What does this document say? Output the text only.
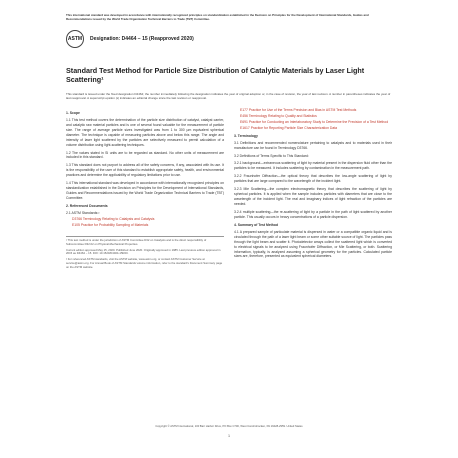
This international standard was developed in accordance with internationally recognized principles on standardization established in the Decision on Principles for the Development of International Standards, Guides and Recommendations issued by the World Trade Organization Technical Barriers to Trade (TBT) Committee.

ASTM Designation: D4464 − 15 (Reapproved 2020)
Standard Test Method for Particle Size Distribution of Catalytic Materials by Laser Light Scattering¹

This standard is issued under the fixed designation D4464; the number immediately following the designation indicates the year of original adoption or, in the case of revision, the year of last revision. A number in parentheses indicates the year of last reapproval. A superscript epsilon (ε) indicates an editorial change since the last revision or reapproval.

1. Scope

1.1 This test method covers the determination of the particle size distribution of catalyst, catalyst carrier, and catalytic raw material particles and is one of several found valuable for the measurement of particle size. The range of average particle sizes investigated was from 1 to 300 µm equivalent spherical diameter. The technique is capable of measuring particles above and below this range. The angle and intensity of laser light scattered by the particles are selectively measured to permit calculation of a volume distribution using light-scattering techniques.

1.2 The values stated in SI units are to be regarded as standard. No other units of measurement are included in this standard.

1.3 This standard does not purport to address all of the safety concerns, if any, associated with its use. It is the responsibility of the user of this standard to establish appropriate safety, health, and environmental practices and determine the applicability of regulatory limitations prior to use.

1.4 This international standard was developed in accordance with internationally recognized principles on standardization established in the Decision on Principles for the Development of International Standards, Guides and Recommendations issued by the World Trade Organization Technical Barriers to Trade (TBT) Committee.

2. Referenced Documents

2.1 ASTM Standards:²

D3766 Terminology Relating to Catalysts and Catalysis

E105 Practice for Probability Sampling of Materials

¹ This test method is under the jurisdiction of ASTM Committee D32 on Catalysts and is the direct responsibility of Subcommittee D32.02 on Physical-Mechanical Properties.

Current edition approved May 15, 2020. Published June 2020. Originally approved in 1985. Last previous edition approved in 2015 as D4464 − 15. DOI: 10.1520/D4464-15R20.

² For referenced ASTM standards, visit the ASTM website, www.astm.org, or contact ASTM Customer Service at service@astm.org. For Annual Book of ASTM Standards volume information, refer to the standard's Document Summary page on the ASTM website.

E177 Practice for Use of the Terms Precision and Bias in ASTM Test Methods

E456 Terminology Relating to Quality and Statistics

E691 Practice for Conducting an Interlaboratory Study to Determine the Precision of a Test Method

E1617 Practice for Reporting Particle Size Characterization Data

3. Terminology

3.1 Definitions and recommended nomenclature pertaining to catalysts and to materials used in their manufacture can be found in Terminology D3766.

3.2 Definitions of Terms Specific to This Standard:

3.2.1 background—extraneous scattering of light by material present in the dispersion fluid other than the particles to be measured. It includes scattering by contamination in the measurement path.

3.2.2 Fraunhofer Diffraction—the optical theory that describes the low-angle scattering of light by particles that are large compared to the wavelength of the incident light.

3.2.3 Mie Scattering—the complex electromagnetic theory that describes the scattering of light by spherical particles. It is applied when the sample includes particles with diameters that are close to the wavelength of the incident light. The real and imaginary indices of light refraction of the particles are needed.

3.2.4 multiple scattering—the re-scattering of light by a particle in the path of light scattered by another particle. This usually occurs in heavy concentrations of a particle dispersion.

4. Summary of Test Method

4.1 A prepared sample of particulate material is dispersed in water or a compatible organic liquid and is circulated through the path of a laser light beam or some other suitable source of light. The particles pass through the light beam and scatter it. Photodetector arrays collect the scattered light which is converted to electrical signals to be analyzed using Fraunhofer Diffraction, or Mie Scattering, or both. Scattering information, typically, is analyzed assuming a spherical geometry for the particles. Calculated particle sizes are, therefore, presented as equivalent spherical diameters.

Copyright © ASTM International, 100 Barr Harbor Drive, PO Box C700, West Conshohocken, PA 19428-2959. United States
1
